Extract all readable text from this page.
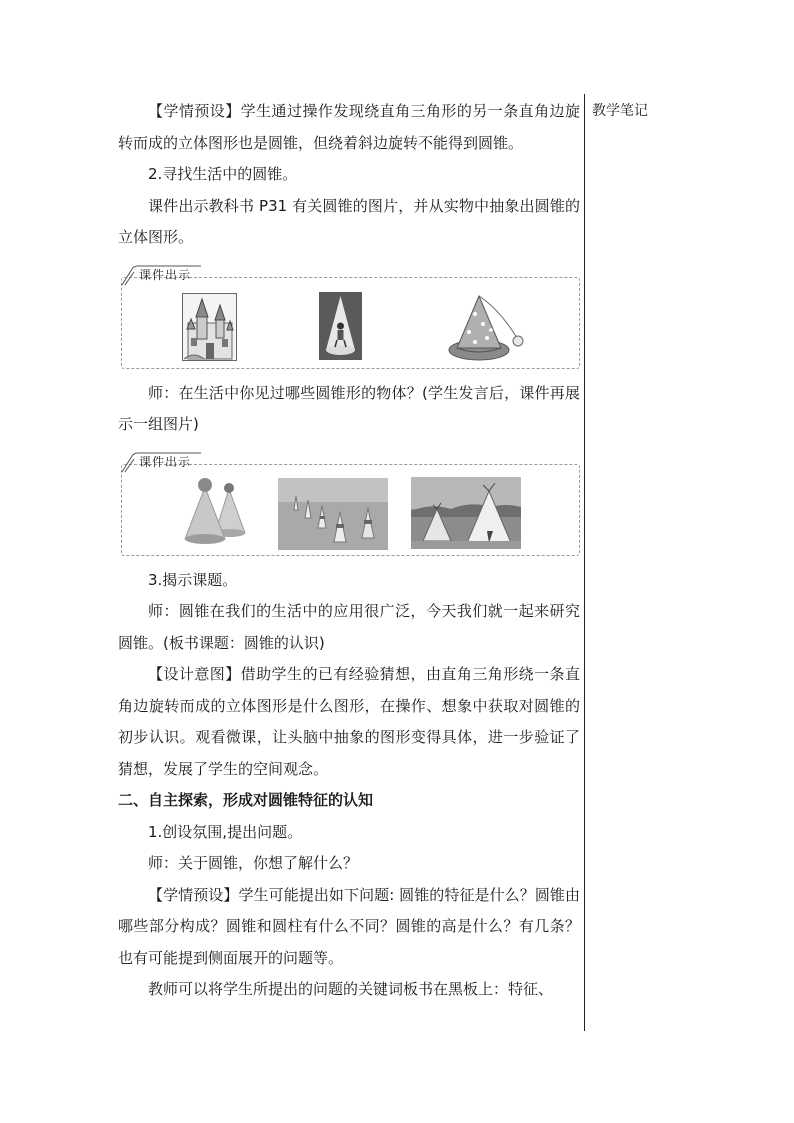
教学笔记

【学情预设】学生通过操作发现绕直角三角形的另一条直角边旋转而成的立体图形也是圆锥，但绕着斜边旋转不能得到圆锥。

2.寻找生活中的圆锥。

课件出示教科书 P31 有关圆锥的图片，并从实物中抽象出圆锥的立体图形。

课件出示

师：在生活中你见过哪些圆锥形的物体？(学生发言后，课件再展示一组图片)

课件出示

3.揭示课题。

师：圆锥在我们的生活中的应用很广泛，今天我们就一起来研究圆锥。(板书课题：圆锥的认识)

【设计意图】借助学生的已有经验猜想，由直角三角形绕一条直角边旋转而成的立体图形是什么图形，在操作、想象中获取对圆锥的初步认识。观看微课，让头脑中抽象的图形变得具体，进一步验证了猜想，发展了学生的空间观念。

二、自主探索，形成对圆锥特征的认知

1.创设氛围,提出问题。

师：关于圆锥，你想了解什么？

【学情预设】学生可能提出如下问题: 圆锥的特征是什么？圆锥由哪些部分构成？圆锥和圆柱有什么不同？圆锥的高是什么？有几条？也有可能提到侧面展开的问题等。

教师可以将学生所提出的问题的关键词板书在黑板上：特征、
